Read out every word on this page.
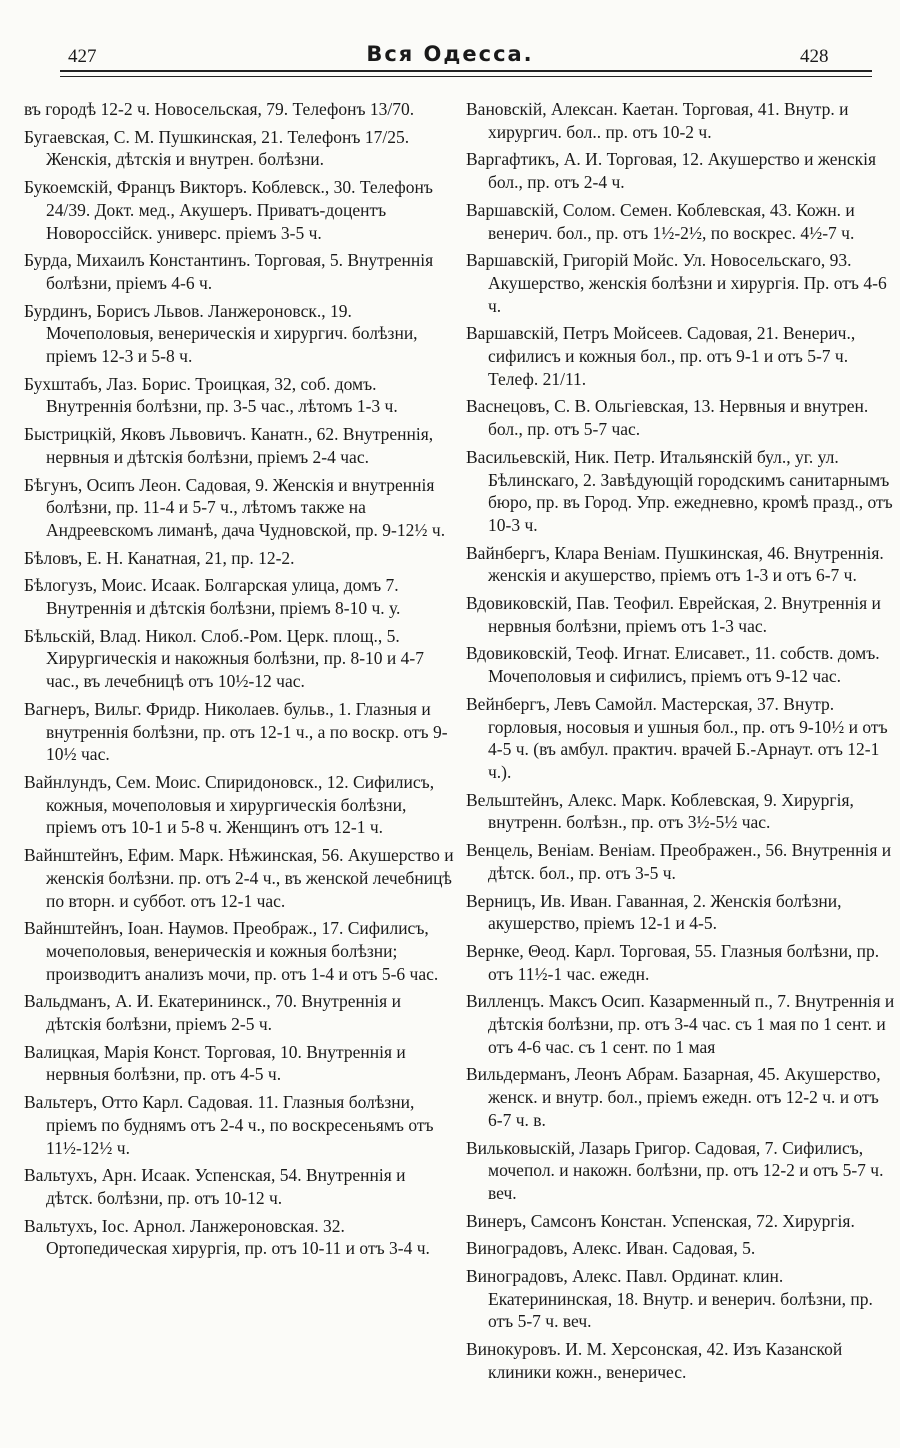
427	Вся Одесса.	428

въ городѣ 12-2 ч. Новосельская, 79. Телефонъ 13/70.

Бугаевская, С. М. Пушкинская, 21. Телефонъ 17/25. Женскія, дѣтскія и внутрен. болѣзни.

Букоемскій, Францъ Викторъ. Коблевск., 30. Телефонъ 24/39. Докт. мед., Акушеръ. Приватъ-доцентъ Новороссійск. универс. пріемъ 3-5 ч.

Бурда, Михаилъ Константинъ. Торговая, 5. Внутреннія болѣзни, пріемъ 4-6 ч.

Бурдинъ, Борисъ Львов. Ланжероновск., 19. Мочеполовыя, венерическія и хирургич. болѣзни, пріемъ 12-3 и 5-8 ч.

Бухштабъ, Лаз. Борис. Троицкая, 32, соб. домъ. Внутреннія болѣзни, пр. 3-5 час., лѣтомъ 1-3 ч.

Быстрицкій, Яковъ Львовичъ. Канатн., 62. Внутреннія, нервныя и дѣтскія болѣзни, пріемъ 2-4 час.

Бѣгунъ, Осипъ Леон. Садовая, 9. Женскія и внутреннія болѣзни, пр. 11-4 и 5-7 ч., лѣтомъ также на Андреевскомъ лиманѣ, дача Чудновской, пр. 9-12½ ч.

Бѣловъ, Е. Н. Канатная, 21, пр. 12-2.

Бѣлогузъ, Моис. Исаак. Болгарская улица, домъ 7. Внутреннія и дѣтскія болѣзни, пріемъ 8-10 ч. у.

Бѣльскій, Влад. Никол. Слоб.-Ром. Церк. площ., 5. Хирургическія и накожныя болѣзни, пр. 8-10 и 4-7 час., въ лечебницѣ отъ 10½-12 час.

Вагнеръ, Вильг. Фридр. Николаев. бульв., 1. Глазныя и внутреннія болѣзни, пр. отъ 12-1 ч., а по воскр. отъ 9-10½ час.

Вайнлундъ, Сем. Моис. Спиридоновск., 12. Сифилисъ, кожныя, мочеполовыя и хирургическія болѣзни, пріемъ отъ 10-1 и 5-8 ч. Женщинъ отъ 12-1 ч.

Вайнштейнъ, Ефим. Марк. Нѣжинская, 56. Акушерство и женскія болѣзни. пр. отъ 2-4 ч., въ женской лечебницѣ по вторн. и суббот. отъ 12-1 час.

Вайнштейнъ, Іоан. Наумов. Преображ., 17. Сифилисъ, мочеполовыя, венерическія и кожныя болѣзни; производитъ анализъ мочи, пр. отъ 1-4 и отъ 5-6 час.

Вальдманъ, А. И. Екатерининск., 70. Внутреннія и дѣтскія болѣзни, пріемъ 2-5 ч.

Валицкая, Марія Конст. Торговая, 10. Внутреннія и нервныя болѣзни, пр. отъ 4-5 ч.

Вальтеръ, Отто Карл. Садовая. 11. Глазныя болѣзни, пріемъ по буднямъ отъ 2-4 ч., по воскресеньямъ отъ 11½-12½ ч.

Вальтухъ, Арн. Исаак. Успенская, 54. Внутреннія и дѣтск. болѣзни, пр. отъ 10-12 ч.

Вальтухъ, Іос. Арнол. Ланжероновская. 32. Ортопедическая хирургія, пр. отъ 10-11 и отъ 3-4 ч.

Вановскій, Алексан. Каетан. Торговая, 41. Внутр. и хирургич. бол.. пр. отъ 10-2 ч.

Варгафтикъ, А. И. Торговая, 12. Акушерство и женскія бол., пр. отъ 2-4 ч.

Варшавскій, Солом. Семен. Коблевская, 43. Кожн. и венерич. бол., пр. отъ 1½-2½, по воскрес. 4½-7 ч.

Варшавскій, Григорій Мойс. Ул. Новосельскаго, 93. Акушерство, женскія болѣзни и хирургія. Пр. отъ 4-6 ч.

Варшавскій, Петръ Мойсеев. Садовая, 21. Венерич., сифилисъ и кожныя бол., пр. отъ 9-1 и отъ 5-7 ч. Телеф. 21/11.

Васнецовъ, С. В. Ольгіевская, 13. Нервныя и внутрен. бол., пр. отъ 5-7 час.

Васильевскій, Ник. Петр. Итальянскій бул., уг. ул. Бѣлинскаго, 2. Завѣдующій городскимъ санитарнымъ бюро, пр. въ Город. Упр. ежедневно, кромѣ празд., отъ 10-3 ч.

Вайнбергъ, Клара Веніам. Пушкинская, 46. Внутреннія. женскія и акушерство, пріемъ отъ 1-3 и отъ 6-7 ч.

Вдовиковскій, Пав. Теофил. Еврейская, 2. Внутреннія и нервныя болѣзни, пріемъ отъ 1-3 час.

Вдовиковскій, Теоф. Игнат. Елисавет., 11. собств. домъ. Мочеполовыя и сифилисъ, пріемъ отъ 9-12 час.

Вейнбергъ, Левъ Самойл. Мастерская, 37. Внутр. горловыя, носовыя и ушныя бол., пр. отъ 9-10½ и отъ 4-5 ч. (въ амбул. практич. врачей Б.-Арнаут. отъ 12-1 ч.).

Вельштейнъ, Алекс. Марк. Коблевская, 9. Хирургія, внутренн. болѣзн., пр. отъ 3½-5½ час.

Венцель, Веніам. Веніам. Преображен., 56. Внутреннія и дѣтск. бол., пр. отъ 3-5 ч.

Верницъ, Ив. Иван. Гаванная, 2. Женскія болѣзни, акушерство, пріемъ 12-1 и 4-5.

Вернке, Θеод. Карл. Торговая, 55. Глазныя болѣзни, пр. отъ 11½-1 час. ежедн.

Вилленцъ. Максъ Осип. Казарменный п., 7. Внутреннія и дѣтскія болѣзни, пр. отъ 3-4 час. съ 1 мая по 1 сент. и отъ 4-6 час. съ 1 сент. по 1 мая

Вильдерманъ, Леонъ Абрам. Базарная, 45. Акушерство, женск. и внутр. бол., пріемъ ежедн. отъ 12-2 ч. и отъ 6-7 ч. в.

Вильковыскій, Лазарь Григор. Садовая, 7. Сифилисъ, мочепол. и накожн. болѣзни, пр. отъ 12-2 и отъ 5-7 ч. веч.

Винеръ, Самсонъ Констан. Успенская, 72. Хирургія.

Виноградовъ, Алекс. Иван. Садовая, 5.

Виноградовъ, Алекс. Павл. Ординат. клин. Екатерининская, 18. Внутр. и венерич. болѣзни, пр. отъ 5-7 ч. веч.

Винокуровъ. И. М. Херсонская, 42. Изъ Казанской клиники кожн., венеричес.
